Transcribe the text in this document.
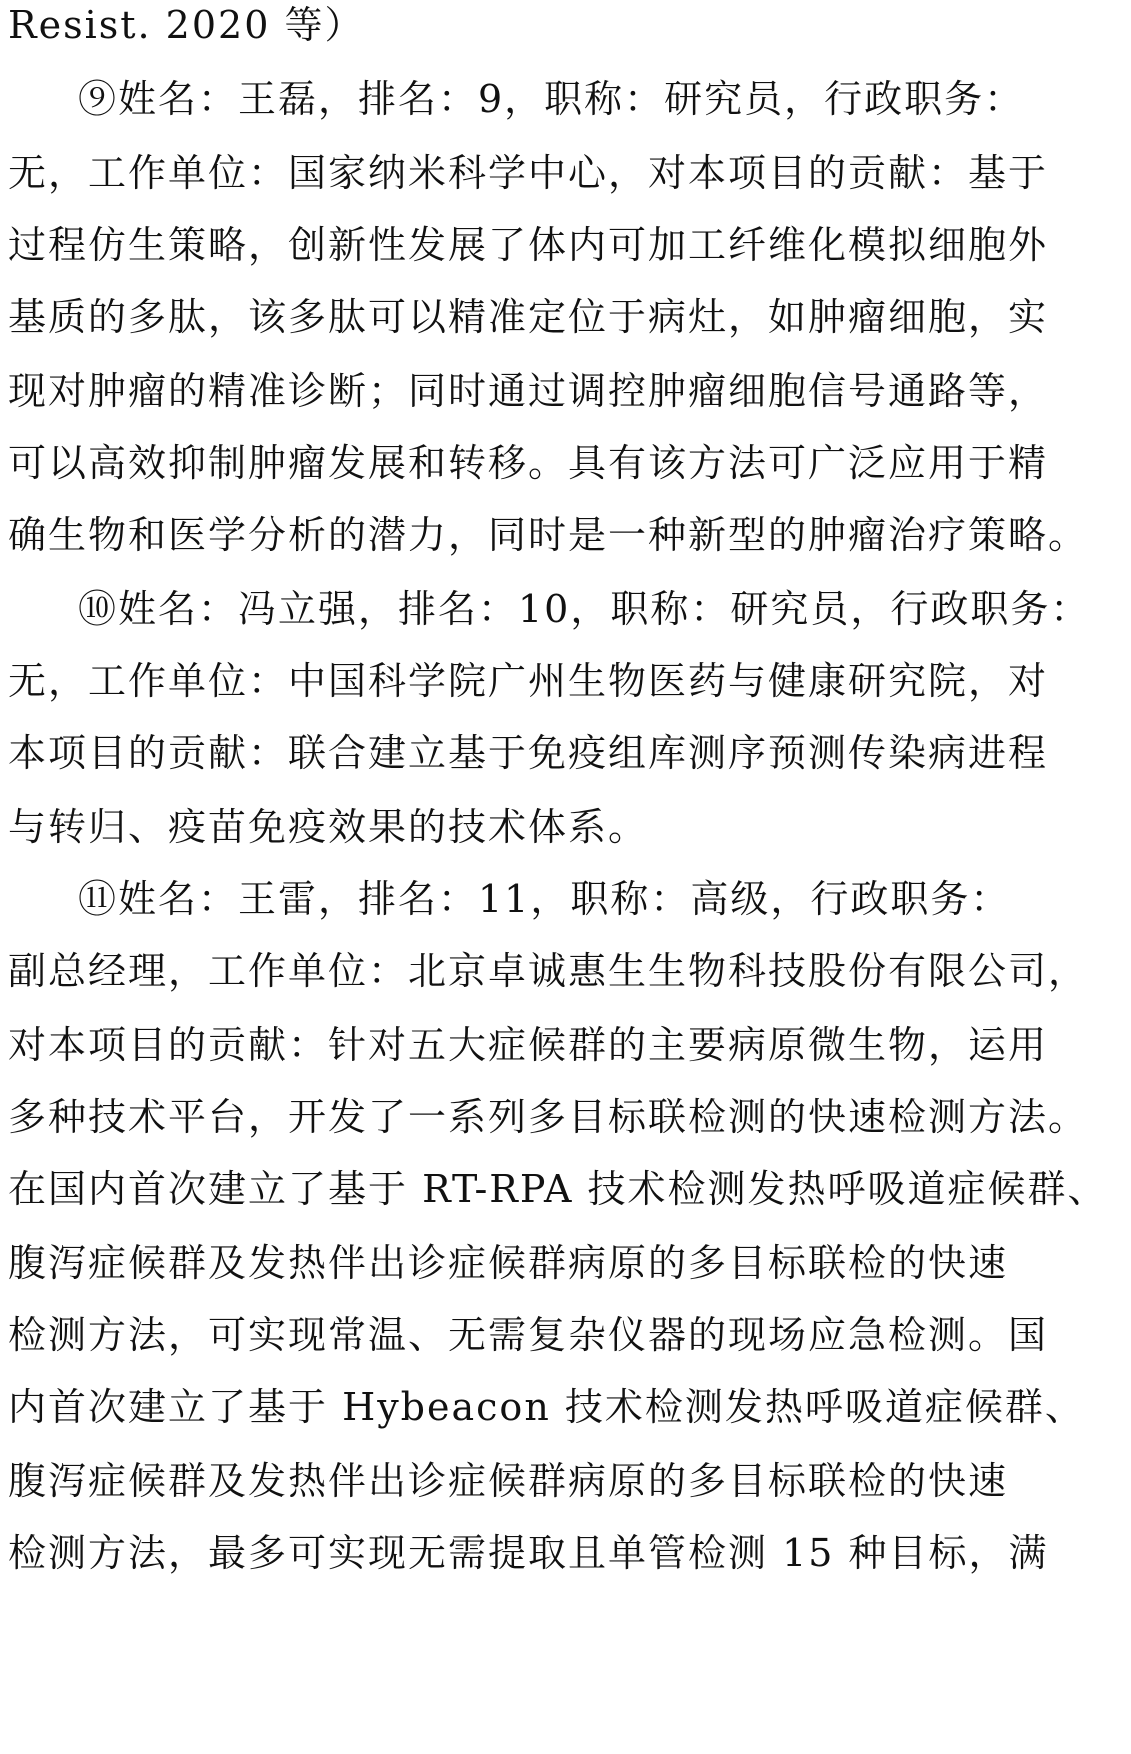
Resist. 2020 等）
⑨姓名：王磊，排名：9，职称：研究员，行政职务：
无，工作单位：国家纳米科学中心，对本项目的贡献：基于
过程仿生策略，创新性发展了体内可加工纤维化模拟细胞外
基质的多肽，该多肽可以精准定位于病灶，如肿瘤细胞，实
现对肿瘤的精准诊断；同时通过调控肿瘤细胞信号通路等，
可以高效抑制肿瘤发展和转移。具有该方法可广泛应用于精
确生物和医学分析的潜力，同时是一种新型的肿瘤治疗策略。
⑩姓名：冯立强，排名：10，职称：研究员，行政职务：
无，工作单位：中国科学院广州生物医药与健康研究院，对
本项目的贡献：联合建立基于免疫组库测序预测传染病进程
与转归、疫苗免疫效果的技术体系。
⑪姓名：王雷，排名：11，职称：高级，行政职务：
副总经理，工作单位：北京卓诚惠生生物科技股份有限公司，
对本项目的贡献：针对五大症候群的主要病原微生物，运用
多种技术平台，开发了一系列多目标联检测的快速检测方法。
在国内首次建立了基于 RT-RPA 技术检测发热呼吸道症候群、
腹泻症候群及发热伴出诊症候群病原的多目标联检的快速
检测方法，可实现常温、无需复杂仪器的现场应急检测。国
内首次建立了基于 Hybeacon 技术检测发热呼吸道症候群、
腹泻症候群及发热伴出诊症候群病原的多目标联检的快速
检测方法，最多可实现无需提取且单管检测 15 种目标，满
